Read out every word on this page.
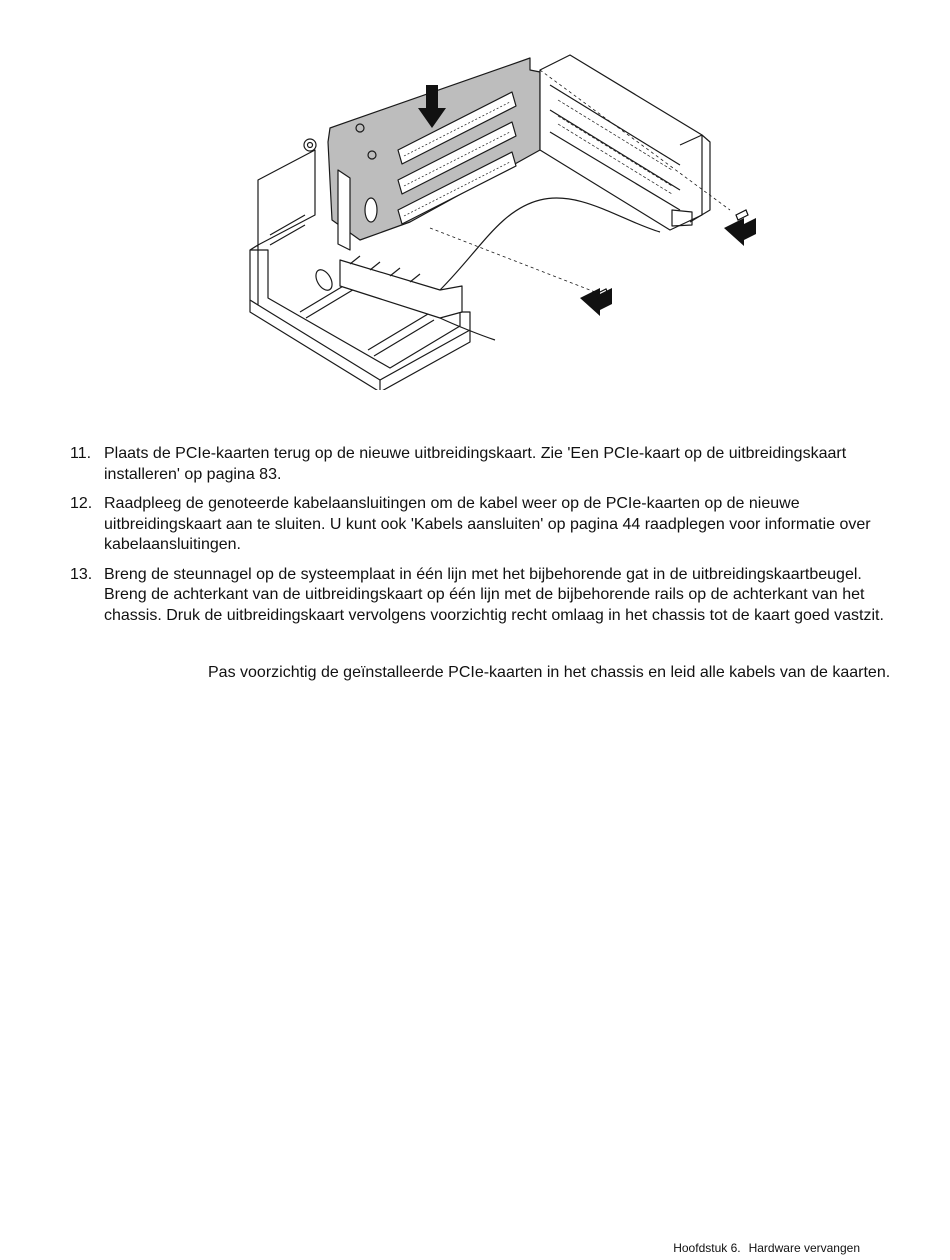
11. Plaats de PCIe-kaarten terug op de nieuwe uitbreidingskaart. Zie 'Een PCIe-kaart op de uitbreidingskaart installeren' op pagina 83.
12. Raadpleeg de genoteerde kabelaansluitingen om de kabel weer op de PCIe-kaarten op de nieuwe uitbreidingskaart aan te sluiten. U kunt ook 'Kabels aansluiten' op pagina 44 raadplegen voor informatie over kabelaansluitingen.
13. Breng de steunnagel op de systeemplaat in één lijn met het bijbehorende gat in de uitbreidingskaartbeugel. Breng de achterkant van de uitbreidingskaart op één lijn met de bijbehorende rails op de achterkant van het chassis. Druk de uitbreidingskaart vervolgens voorzichtig recht omlaag in het chassis tot de kaart goed vastzit.
Pas voorzichtig de geïnstalleerde PCIe-kaarten in het chassis en leid alle kabels van de kaarten.
Hoofdstuk 6. Hardware vervangen
